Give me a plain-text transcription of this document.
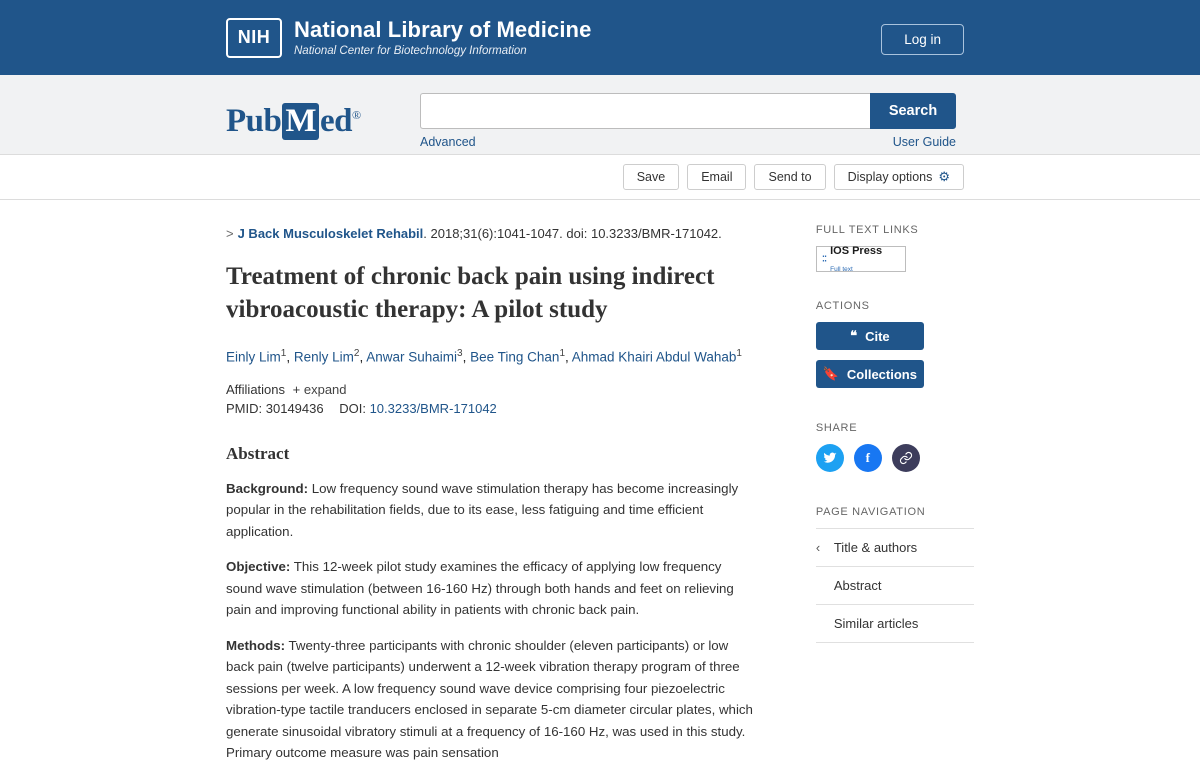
NIH National Library of Medicine
National Center for Biotechnology Information
Log in
Pub M ed®	Search
Advanced	User Guide
Save	Email	Send to	Display options ⚙
> J Back Musculoskelet Rehabil. 2018;31(6):1041-1047. doi: 10.3233/BMR-171042.
Treatment of chronic back pain using indirect vibroacoustic therapy: A pilot study
Einly Lim$^1$, Renly Lim$^2$, Anwar Suhaimi$^3$, Bee Ting Chan$^1$, Ahmad Khairi Abdul Wahab$^1$
Affiliations + expand
PMID: 30149436 DOI: 10.3233/BMR-171042
Abstract

Background: Low frequency sound wave stimulation therapy has become increasingly popular in the rehabilitation fields, due to its ease, less fatiguing and time efficient application.

Objective: This 12-week pilot study examines the efficacy of applying low frequency sound wave stimulation (between 16-160 Hz) through both hands and feet on relieving pain and improving functional ability in patients with chronic back pain.

Methods: Twenty-three participants with chronic shoulder (eleven participants) or low back pain (twelve participants) underwent a 12-week vibration therapy program of three sessions per week. A low frequency sound wave device comprising four piezoelectric vibration-type tactile tranducers enclosed in separate 5-cm diameter circular plates, which generate sinusoidal vibratory stimuli at a frequency of 16-160 Hz, was used in this study. Primary outcome measure was pain sensation

FULL TEXT LINKS
∶∶
IOS Press
Full text
ACTIONS
❝ Cite
🔖 Collections
SHARE
f
PAGE NAVIGATION
‹ Title & authors
Abstract
Similar articles
